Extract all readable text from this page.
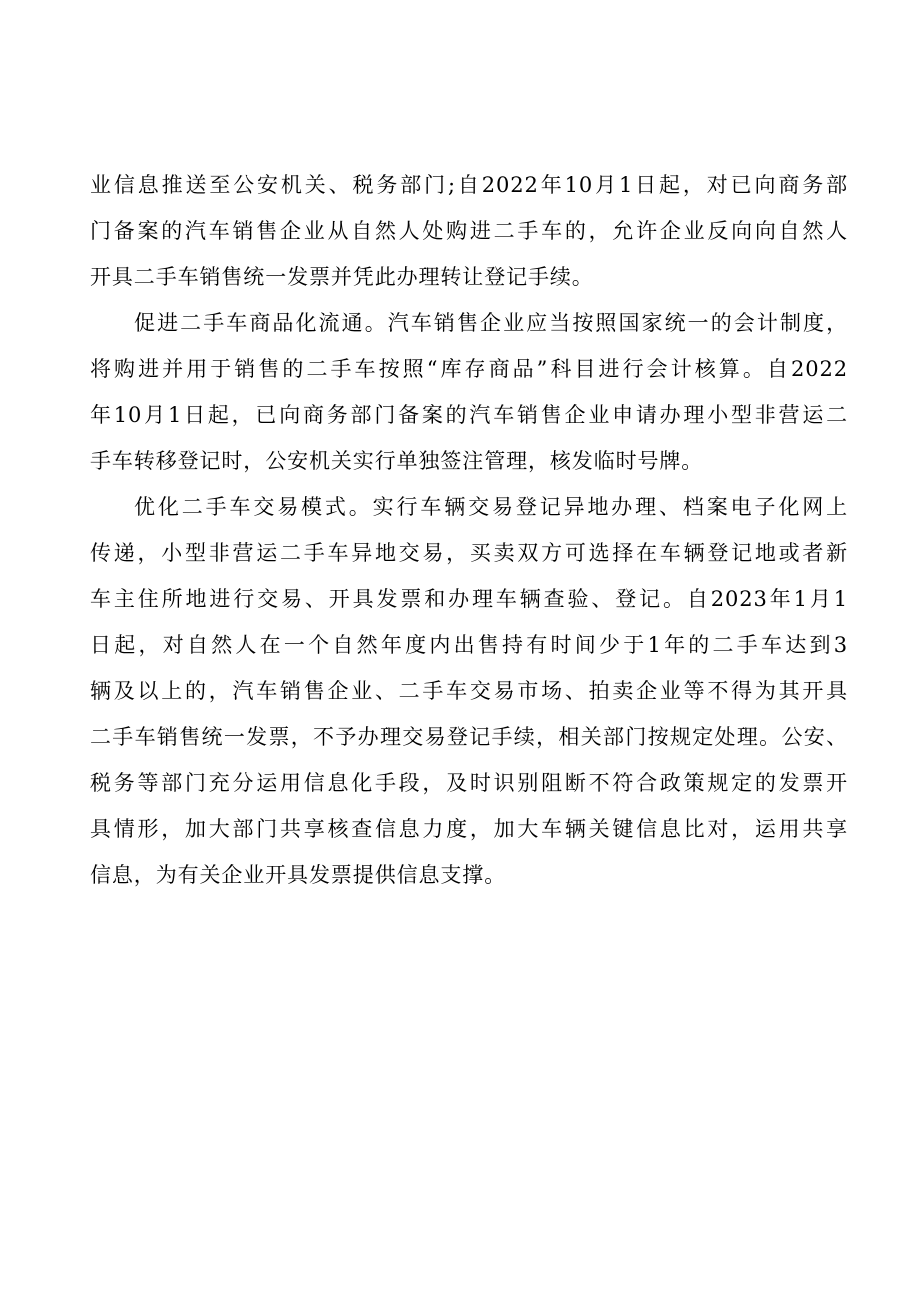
业信息推送至公安机关、税务部门;自2022年10月1日起，对已向商务部
门备案的汽车销售企业从自然人处购进二手车的，允许企业反向向自然人
开具二手车销售统一发票并凭此办理转让登记手续。
促进二手车商品化流通。汽车销售企业应当按照国家统一的会计制度，
将购进并用于销售的二手车按照“库存商品”科目进行会计核算。自2022
年10月1日起，已向商务部门备案的汽车销售企业申请办理小型非营运二
手车转移登记时，公安机关实行单独签注管理，核发临时号牌。
优化二手车交易模式。实行车辆交易登记异地办理、档案电子化网上
传递，小型非营运二手车异地交易，买卖双方可选择在车辆登记地或者新
车主住所地进行交易、开具发票和办理车辆查验、登记。自2023年1月1
日起，对自然人在一个自然年度内出售持有时间少于1年的二手车达到3
辆及以上的，汽车销售企业、二手车交易市场、拍卖企业等不得为其开具
二手车销售统一发票，不予办理交易登记手续，相关部门按规定处理。公安、
税务等部门充分运用信息化手段，及时识别阻断不符合政策规定的发票开
具情形，加大部门共享核查信息力度，加大车辆关键信息比对，运用共享
信息，为有关企业开具发票提供信息支撑。
